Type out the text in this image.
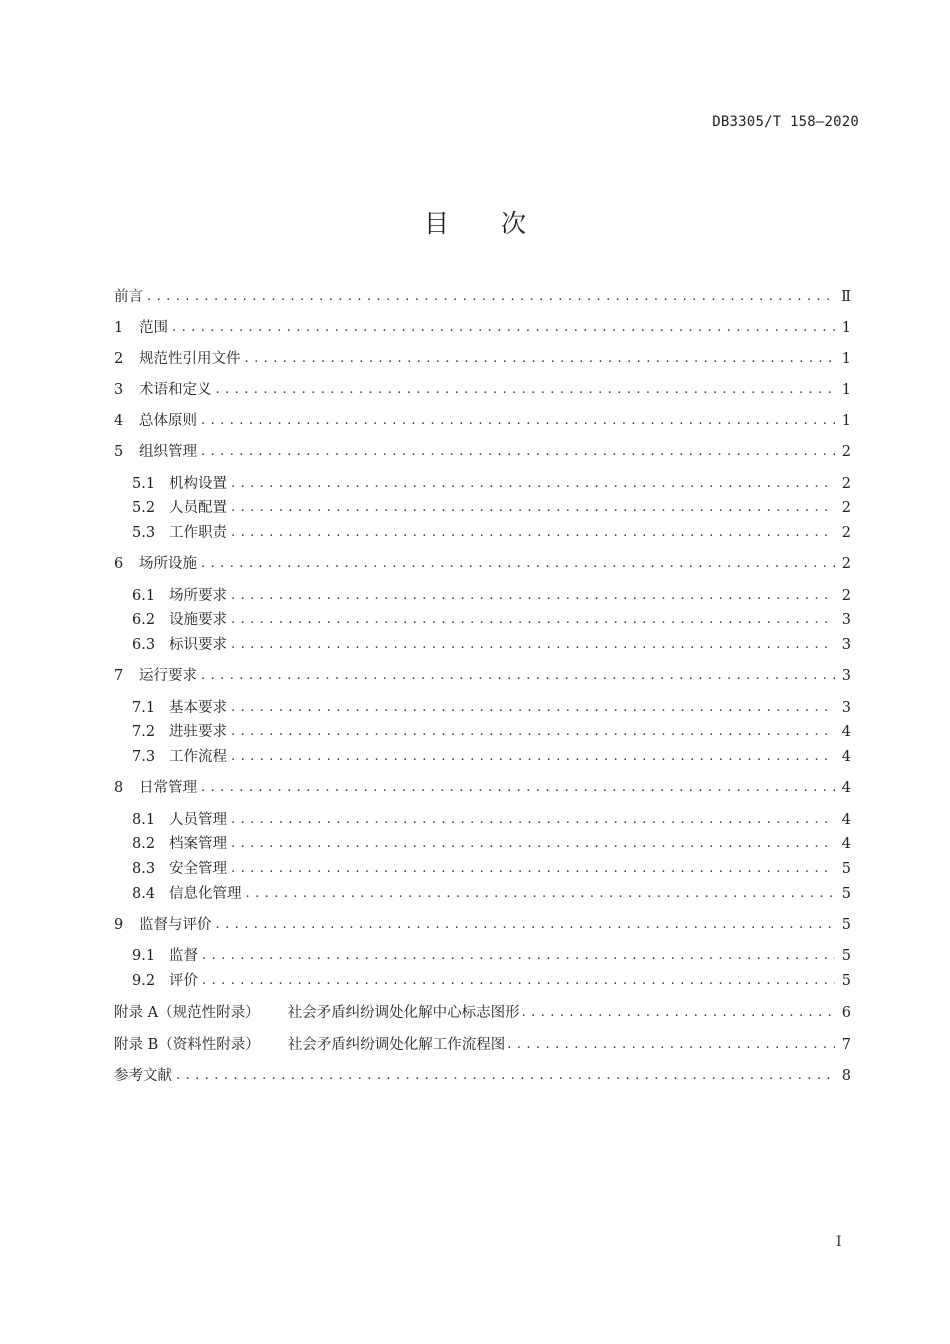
DB3305/T 158—2020
目 次
前言 . . .	Ⅱ
1	范围 . . .	1
2	规范性引用文件 . . .	1
3	术语和定义 . . .	1
4	总体原则 . . .	1
5	组织管理 . . .	2
5.1 机构设置 . . .	2
5.2 人员配置 . . .	2
5.3 工作职责 . . .	2
6	场所设施 . . .	2
6.1 场所要求 . . .	2
6.2 设施要求 . . .	3
6.3 标识要求 . . .	3
7	运行要求 . . .	3
7.1 基本要求 . . .	3
7.2 进驻要求 . . .	4
7.3 工作流程 . . .	4
8	日常管理 . . .	4
8.1 人员管理 . . .	4
8.2 档案管理 . . .	4
8.3 安全管理 . . .	5
8.4 信息化管理 . . .	5
9	监督与评价 . . .	5
9.1 监督 . . .	5
9.2 评价 . . .	5
附录 A（规范性附录） 社会矛盾纠纷调处化解中心标志图形 . . .	6
附录 B（资料性附录） 社会矛盾纠纷调处化解工作流程图 . . .	7
参考文献 . . .	8
I
